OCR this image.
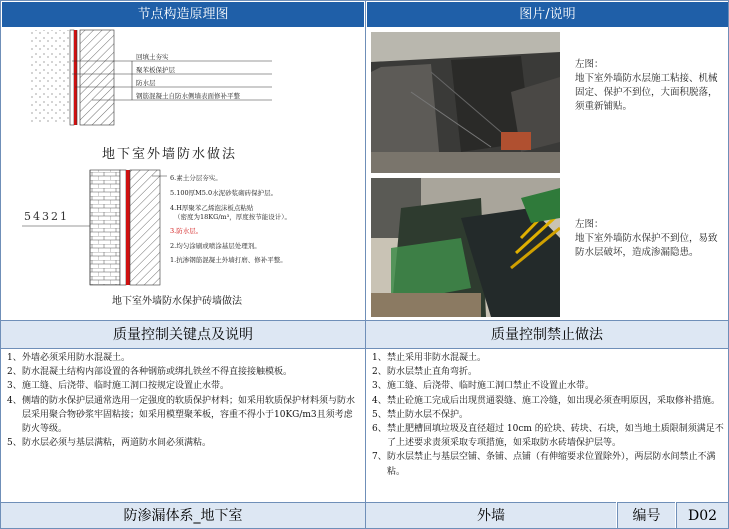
节点构造原理图	图片/说明
回填土夯实
聚苯板保护层
防水层
钢筋混凝土自防水侧墙表面修补平整
地下室外墙防水做法
6.素土分层夯实。
5.100厚M5.0水泥砂浆砌砖保护层。
4.H厚聚苯乙烯泡沫板点粘贴
（密度为18KG/m³，厚度按节能设计）。
3.防水层。
2.均匀涂刷或喷涂基层处理剂。
1.抗渗钢筋混凝土外墙打磨、修补平整。
54321
地下室外墙防水保护砖墙做法
左图：
地下室外墙防水层施工粘接、机械固定、保护不到位，大面积脱落，须重新铺贴。
左图：
地下室外墙防水保护不到位，易致防水层破坏，造成渗漏隐患。
质量控制关键点及说明	质量控制禁止做法
1、 外墙必须采用防水混凝土。
2、 防水混凝土结构内部设置的各种钢筋或绑扎铁丝不得直接接触模板。
3、 施工缝、后浇带、临时施工洞口按规定设置止水带。
4、 侧墙的防水保护层通常选用一定强度的软质保护材料；如采用软质保护材料须与防水层采用聚合物砂浆牢固粘接；如采用模塑聚苯板，容重不得小于10KG/m3且须考虑防火等级。
5、 防水层必须与基层满粘，两道防水间必须满粘。
1、 禁止采用非防水混凝土。
2、 防水层禁止直角弯折。
3、 施工缝、后浇带、临时施工洞口禁止不设置止水带。
4、 禁止砼施工完成后出现贯通裂缝、施工冷缝，如出现必须查明原因，采取修补措施。
5、 禁止防水层不保护。
6、 禁止肥槽回填垃圾及直径超过 10cm 的砼块、砖块、石块，如当地土质限制须满足不了上述要求责须采取专项措施，如采取防水砖墙保护层等。
7、 防水层禁止与基层空铺、条铺、点铺（有伸缩要求位置除外），两层防水间禁止不满粘。
防渗漏体系_地下室	外墙	编号	D02
